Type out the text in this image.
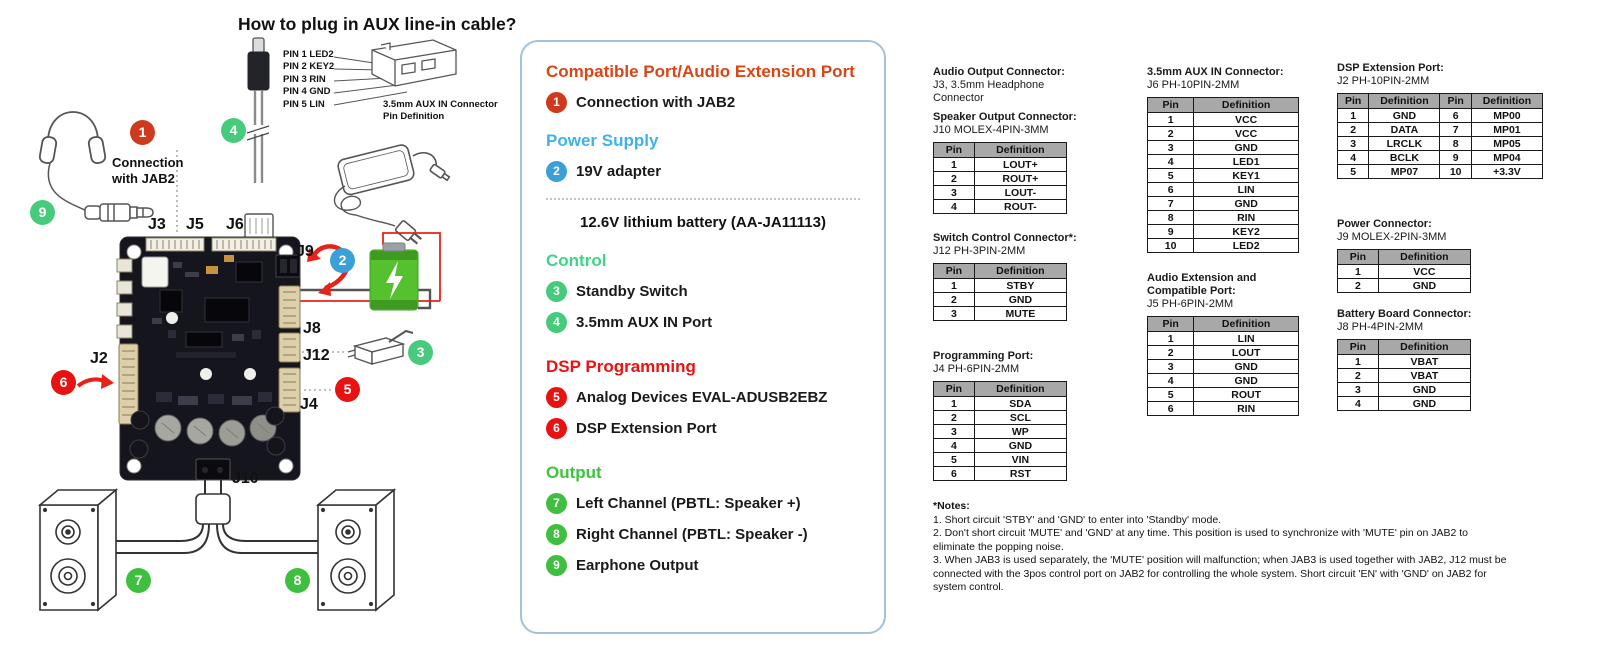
How to plug in AUX line-in cable?
PIN 1 LED2
PIN 2 KEY2
PIN 3 RIN
PIN 4 GND
PIN 5 LIN	3.5mm AUX IN Connector
Pin Definition
Connection with JAB2
J3 J5 J6
J9
J8
J12
J2
J4
J10
1
2
3
4
5
6
7	8
9
Compatible Port/Audio Extension Port
1	Connection with JAB2
Power Supply
2	19V adapter
12.6V lithium battery (AA-JA11113)
Control
3	Standby Switch
4	3.5mm AUX IN Port
DSP Programming
5	Analog Devices EVAL-ADUSB2EBZ
6	DSP Extension Port
Output
7	Left Channel (PBTL: Speaker +)
8	Right Channel (PBTL: Speaker -)
9	Earphone Output
Audio Output Connector:
J3, 3.5mm Headphone Connector
Speaker Output Connector:
J10 MOLEX-4PIN-3MM
Pin	Definition
1	LOUT+
2	ROUT+
3	LOUT-
4	ROUT-
Switch Control Connector*:
J12 PH-3PIN-2MM
Pin	Definition
1	STBY
2	GND
3	MUTE
Programming Port:
J4 PH-6PIN-2MM
Pin	Definition
1	SDA
2	SCL
3	WP
4	GND
5	VIN
6	RST
3.5mm AUX IN Connector:
J6 PH-10PIN-2MM
Pin	Definition
1	VCC
2	VCC
3	GND
4	LED1
5	KEY1
6	LIN
7	GND
8	RIN
9	KEY2
10	LED2
Audio Extension and Compatible Port:
J5 PH-6PIN-2MM
Pin	Definition
1	LIN
2	LOUT
3	GND
4	GND
5	ROUT
6	RIN
DSP Extension Port:
J2 PH-10PIN-2MM
Pin	Definition	Pin	Definition
1	GND	6	MP00
2	DATA	7	MP01
3	LRCLK	8	MP05
4	BCLK	9	MP04
5	MP07	10	+3.3V
Power Connector:
J9 MOLEX-2PIN-3MM
Pin	Definition
1	VCC
2	GND
Battery Board Connector:
J8 PH-4PIN-2MM
Pin	Definition
1	VBAT
2	VBAT
3	GND
4	GND
*Notes:
1. Short circuit 'STBY' and 'GND' to enter into 'Standby' mode.
2. Don't short circuit 'MUTE' and 'GND' at any time. This position is used to synchronize with 'MUTE' pin on JAB2 to eliminate the popping noise.
3. When JAB3 is used separately, the 'MUTE' position will malfunction; when JAB3 is used together with JAB2, J12 must be connected with the 3pos control port on JAB2 for controlling the whole system. Short circuit 'EN' with 'GND' on JAB2 for system control.
